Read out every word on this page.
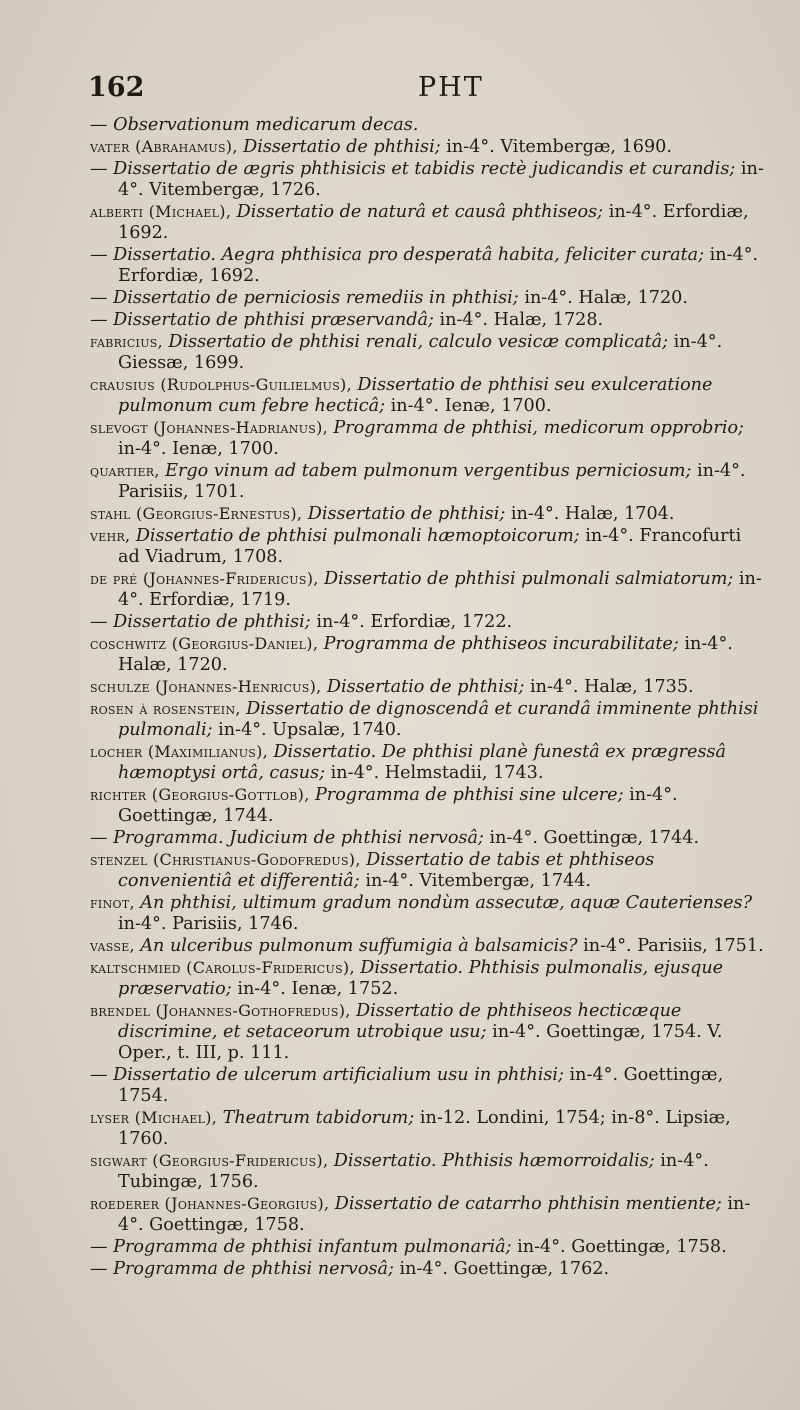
162	PHT

— Observationum medicarum decas.

vater (Abrahamus), Dissertatio de phthisi; in-4°. Vitembergæ, 1690.

— Dissertatio de ægris phthisicis et tabidis rectè judicandis et curandis; in-4°. Vitembergæ, 1726.

alberti (Michael), Dissertatio de naturâ et causâ phthiseos; in-4°. Erfordiæ, 1692.

— Dissertatio. Aegra phthisica pro desperatâ habita, feliciter curata; in-4°. Erfordiæ, 1692.

— Dissertatio de perniciosis remediis in phthisi; in-4°. Halæ, 1720.

— Dissertatio de phthisi præservandâ; in-4°. Halæ, 1728.

fabricius, Dissertatio de phthisi renali, calculo vesicæ complicatâ; in-4°. Giessæ, 1699.

crausius (Rudolphus-Guilielmus), Dissertatio de phthisi seu exulceratione pulmonum cum febre hecticâ; in-4°. Ienæ, 1700.

slevogt (Johannes-Hadrianus), Programma de phthisi, medicorum opprobrio; in-4°. Ienæ, 1700.

quartier, Ergo vinum ad tabem pulmonum vergentibus perniciosum; in-4°. Parisiis, 1701.

stahl (Georgius-Ernestus), Dissertatio de phthisi; in-4°. Halæ, 1704.

vehr, Dissertatio de phthisi pulmonali hæmoptoicorum; in-4°. Francofurti ad Viadrum, 1708.

de pré (Johannes-Fridericus), Dissertatio de phthisi pulmonali salmiatorum; in-4°. Erfordiæ, 1719.

— Dissertatio de phthisi; in-4°. Erfordiæ, 1722.

coschwitz (Georgius-Daniel), Programma de phthiseos incurabilitate; in-4°. Halæ, 1720.

schulze (Johannes-Henricus), Dissertatio de phthisi; in-4°. Halæ, 1735.

rosen à rosenstein, Dissertatio de dignoscendâ et curandâ imminente phthisi pulmonali; in-4°. Upsalæ, 1740.

locher (Maximilianus), Dissertatio. De phthisi planè funestâ ex prægressâ hæmoptysi ortâ, casus; in-4°. Helmstadii, 1743.

richter (Georgius-Gottlob), Programma de phthisi sine ulcere; in-4°. Goettingæ, 1744.

— Programma. Judicium de phthisi nervosâ; in-4°. Goettingæ, 1744.

stenzel (Christianus-Godofredus), Dissertatio de tabis et phthiseos convenientiâ et differentiâ; in-4°. Vitembergæ, 1744.

finot, An phthisi, ultimum gradum nondùm assecutæ, aquæ Cauterienses? in-4°. Parisiis, 1746.

vasse, An ulceribus pulmonum suffumigia à balsamicis? in-4°. Parisiis, 1751.

kaltschmied (Carolus-Fridericus), Dissertatio. Phthisis pulmonalis, ejusque præservatio; in-4°. Ienæ, 1752.

brendel (Johannes-Gothofredus), Dissertatio de phthiseos hecticæque discrimine, et setaceorum utrobique usu; in-4°. Goettingæ, 1754. V. Oper., t. III, p. 111.

— Dissertatio de ulcerum artificialium usu in phthisi; in-4°. Goettingæ, 1754.

lyser (Michael), Theatrum tabidorum; in-12. Londini, 1754; in-8°. Lipsiæ, 1760.

sigwart (Georgius-Fridericus), Dissertatio. Phthisis hæmorroidalis; in-4°. Tubingæ, 1756.

roederer (Johannes-Georgius), Dissertatio de catarrho phthisin mentiente; in-4°. Goettingæ, 1758.

— Programma de phthisi infantum pulmonariâ; in-4°. Goettingæ, 1758.

— Programma de phthisi nervosâ; in-4°. Goettingæ, 1762.
